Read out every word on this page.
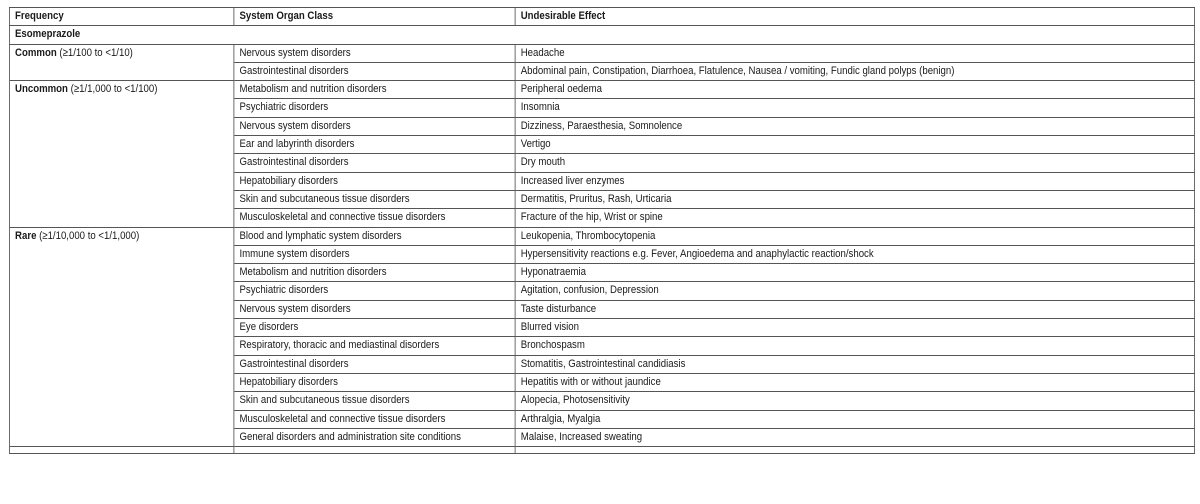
Frequency	System Organ Class	Undesirable Effect
Esomeprazole		
Common (≥1/100 to <1/10)	Nervous system disorders	Headache
	Gastrointestinal disorders	Abdominal pain, Constipation, Diarrhoea, Flatulence, Nausea / vomiting, Fundic gland polyps (benign)
Uncommon (≥1/1,000 to <1/100)	Metabolism and nutrition disorders	Peripheral oedema
	Psychiatric disorders	Insomnia
	Nervous system disorders	Dizziness, Paraesthesia, Somnolence
	Ear and labyrinth disorders	Vertigo
	Gastrointestinal disorders	Dry mouth
	Hepatobiliary disorders	Increased liver enzymes
	Skin and subcutaneous tissue disorders	Dermatitis, Pruritus, Rash, Urticaria
	Musculoskeletal and connective tissue disorders	Fracture of the hip, Wrist or spine
Rare (≥1/10,000 to <1/1,000)	Blood and lymphatic system disorders	Leukopenia, Thrombocytopenia
	Immune system disorders	Hypersensitivity reactions e.g. Fever, Angioedema and anaphylactic reaction/shock
	Metabolism and nutrition disorders	Hyponatraemia
	Psychiatric disorders	Agitation, confusion, Depression
	Nervous system disorders	Taste disturbance
	Eye disorders	Blurred vision
	Respiratory, thoracic and mediastinal disorders	Bronchospasm
	Gastrointestinal disorders	Stomatitis, Gastrointestinal candidiasis
	Hepatobiliary disorders	Hepatitis with or without jaundice
	Skin and subcutaneous tissue disorders	Alopecia, Photosensitivity
	Musculoskeletal and connective tissue disorders	Arthralgia, Myalgia
	General disorders and administration site conditions	Malaise, Increased sweating
